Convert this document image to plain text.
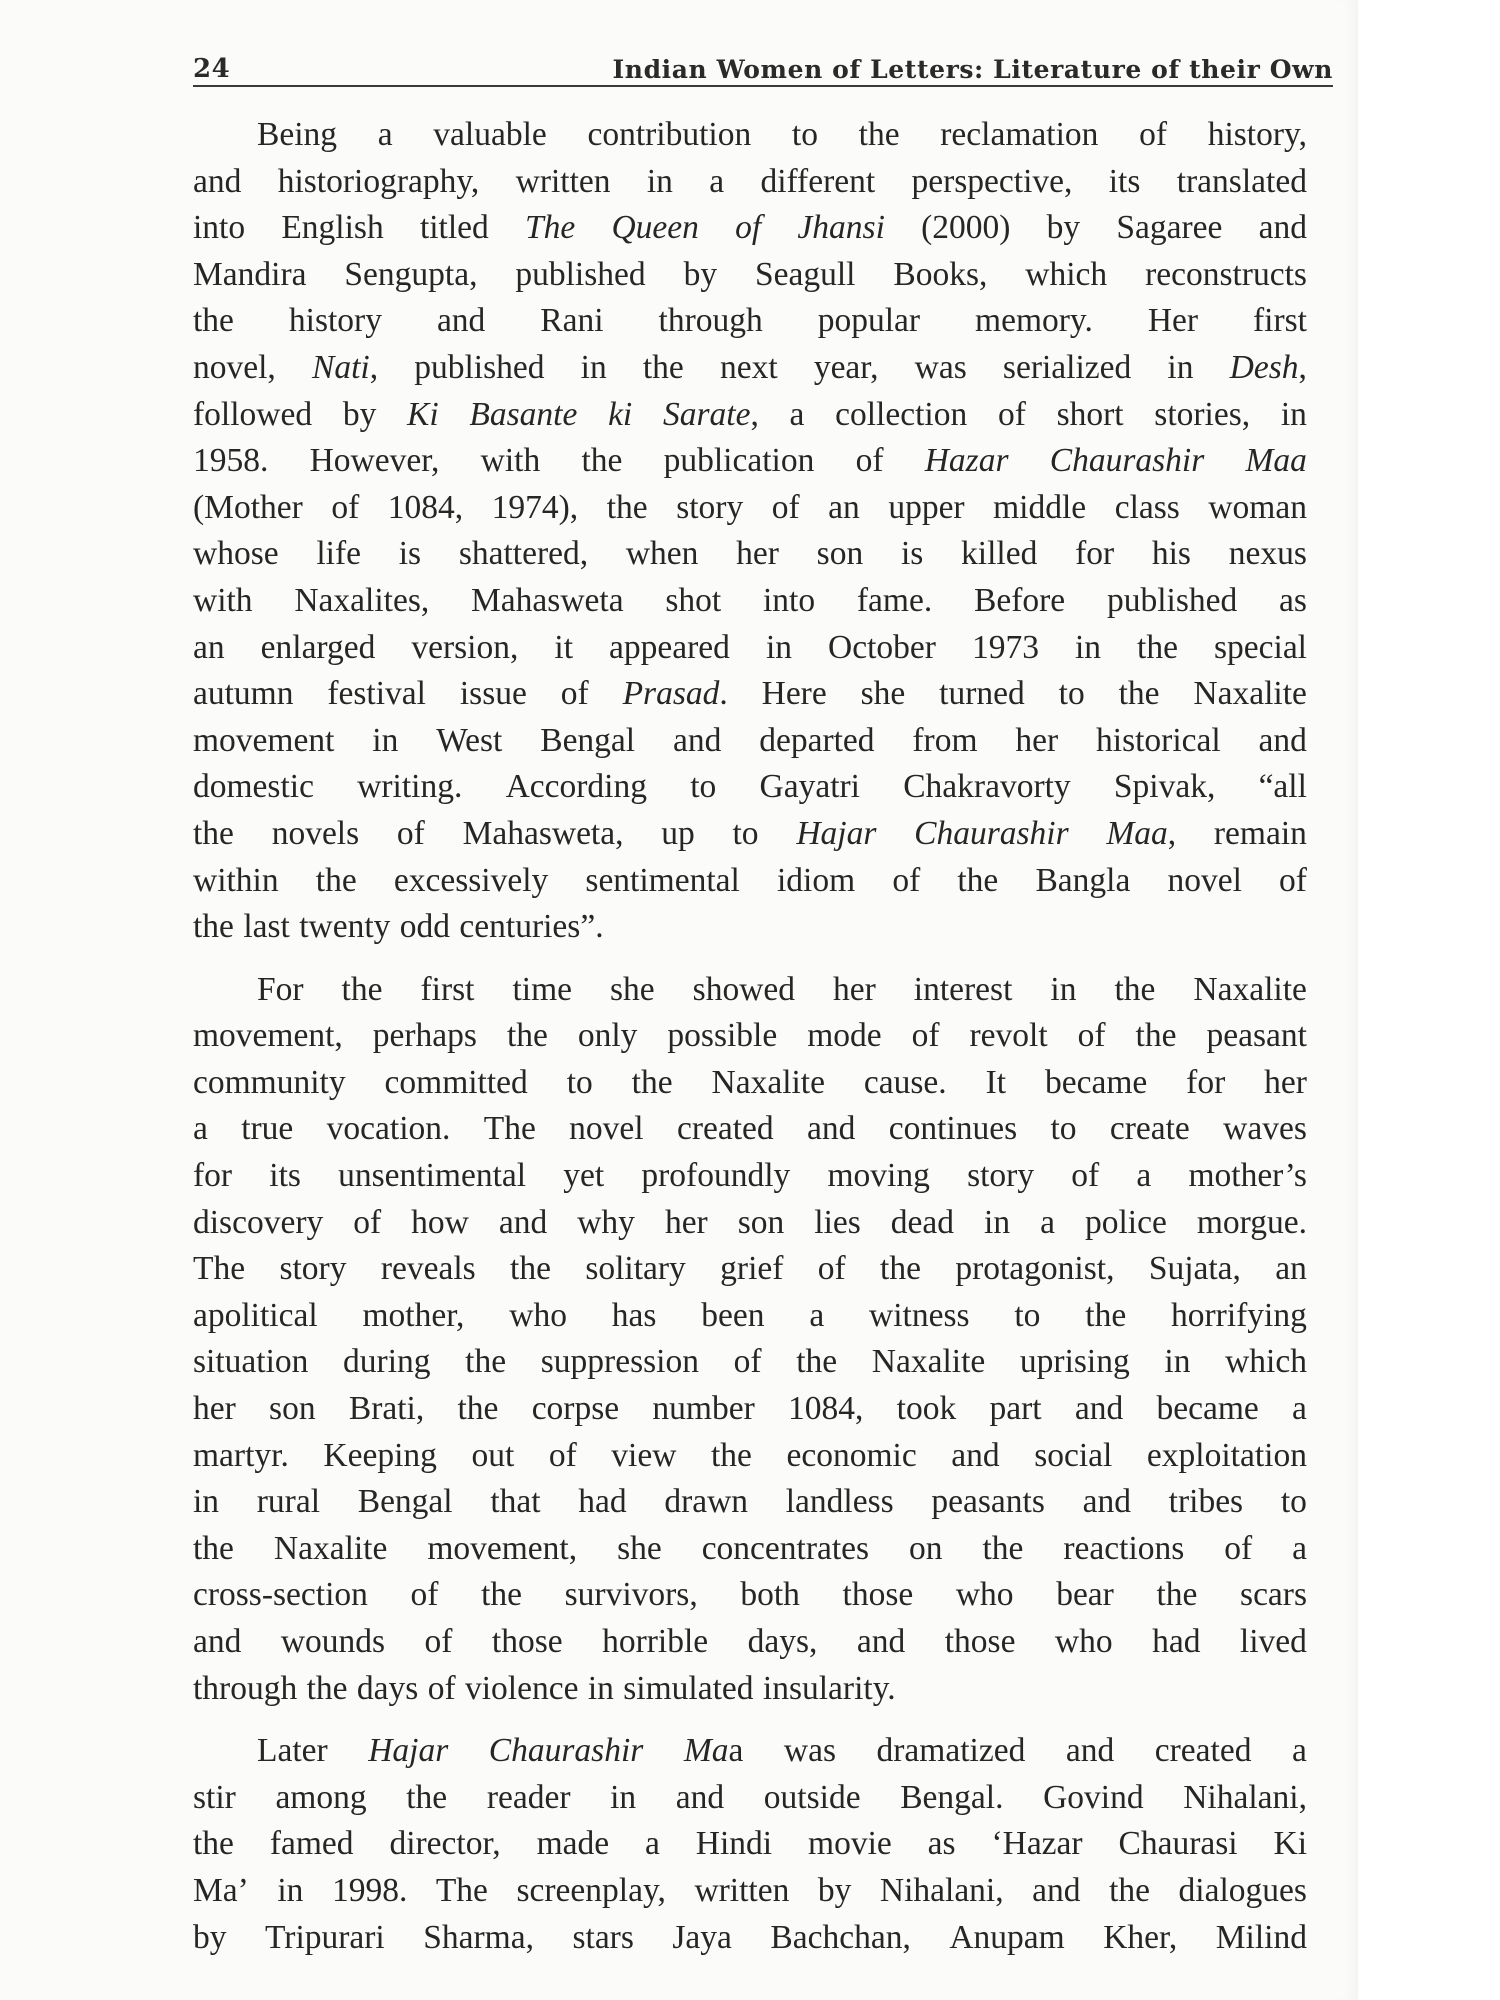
24	Indian Women of Letters: Literature of their Own
Being a valuable contribution to the reclamation of history,
and historiography, written in a different perspective, its translated
into English titled The Queen of Jhansi (2000) by Sagaree and
Mandira Sengupta, published by Seagull Books, which reconstructs
the history and Rani through popular memory. Her first
novel, Nati, published in the next year, was serialized in Desh,
followed by Ki Basante ki Sarate, a collection of short stories, in
1958. However, with the publication of Hazar Chaurashir Maa
(Mother of 1084, 1974), the story of an upper middle class woman
whose life is shattered, when her son is killed for his nexus
with Naxalites, Mahasweta shot into fame. Before published as
an enlarged version, it appeared in October 1973 in the special
autumn festival issue of Prasad. Here she turned to the Naxalite
movement in West Bengal and departed from her historical and
domestic writing. According to Gayatri Chakravorty Spivak, “all
the novels of Mahasweta, up to Hajar Chaurashir Maa, remain
within the excessively sentimental idiom of the Bangla novel of
the last twenty odd centuries”.
For the first time she showed her interest in the Naxalite
movement, perhaps the only possible mode of revolt of the peasant
community committed to the Naxalite cause. It became for her
a true vocation. The novel created and continues to create waves
for its unsentimental yet profoundly moving story of a mother’s
discovery of how and why her son lies dead in a police morgue.
The story reveals the solitary grief of the protagonist, Sujata, an
apolitical mother, who has been a witness to the horrifying
situation during the suppression of the Naxalite uprising in which
her son Brati, the corpse number 1084, took part and became a
martyr. Keeping out of view the economic and social exploitation
in rural Bengal that had drawn landless peasants and tribes to
the Naxalite movement, she concentrates on the reactions of a
cross-section of the survivors, both those who bear the scars
and wounds of those horrible days, and those who had lived
through the days of violence in simulated insularity.
Later Hajar Chaurashir Maa was dramatized and created a
stir among the reader in and outside Bengal. Govind Nihalani,
the famed director, made a Hindi movie as ‘Hazar Chaurasi Ki
Ma’ in 1998. The screenplay, written by Nihalani, and the dialogues
by Tripurari Sharma, stars Jaya Bachchan, Anupam Kher, Milind
